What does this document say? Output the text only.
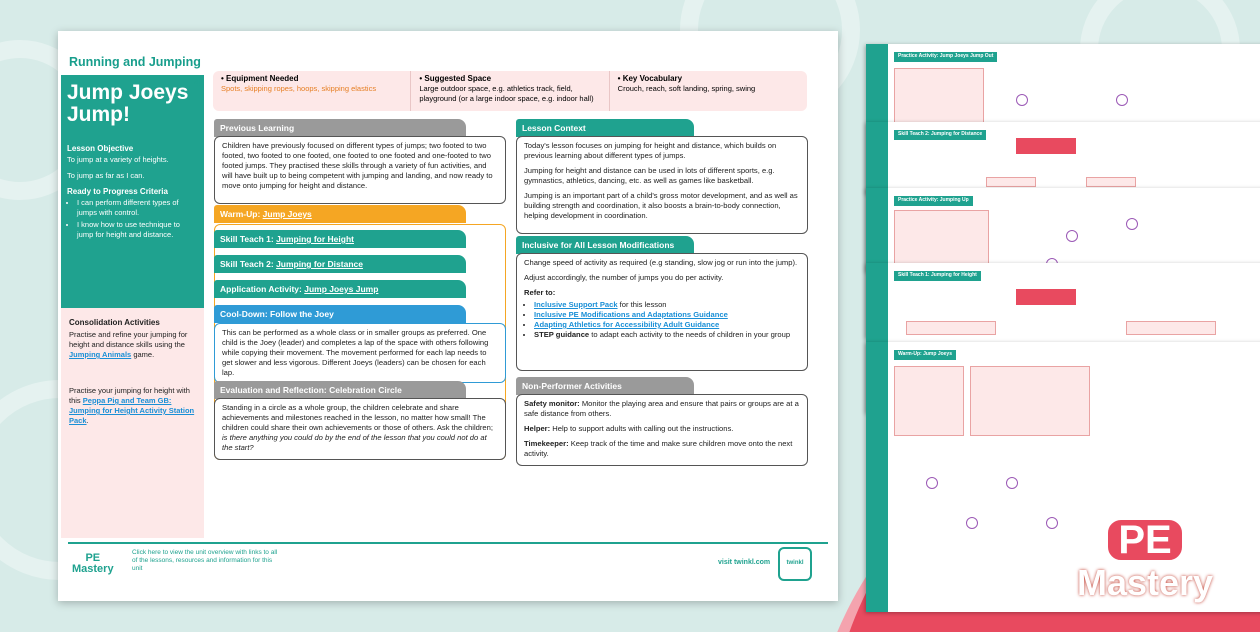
Practice Activity: Jump Joeys Jump Out
Skill Teach 2: Jumping for Distance
Practice Activity: Jumping Up
Skill Teach 1: Jumping for Height
Warm-Up: Jump Joeys
Running and Jumping
Jump Joeys Jump!
Lesson Objective

To jump at a variety of heights.

To jump as far as I can.

Ready to Progress Criteria
• I can perform different types of jumps with control.
• I know how to use technique to jump for height and distance.
4
Consolidation Activities

Practise and refine your jumping for height and distance skills using the Jumping Animals game.

Practise your jumping for height with this Peppa Pig and Team GB: Jumping for Height Activity Station Pack.

• Equipment Needed
Spots, skipping ropes, hoops, skipping elastics
• Suggested Space
Large outdoor space, e.g. athletics track, field, playground (or a large indoor space, e.g. indoor hall)
• Key Vocabulary
Crouch, reach, soft landing, spring, swing
Previous Learning
Children have previously focused on different types of jumps; two footed to two footed, two footed to one footed, one footed to one footed and one-footed to two footed jumps. They practised these skills through a variety of fun activities, and will have built up to being competent with jumping and landing, and now ready to move onto jumping for height and distance.
Warm-Up: Jump Joeys
Skill Teach 1: Jumping for Height
Skill Teach 2: Jumping for Distance
Application Activity: Jump Joeys Jump
Cool-Down: Follow the Joey
This can be performed as a whole class or in smaller groups as preferred. One child is the Joey (leader) and completes a lap of the space with others following while copying their movement. The movement performed for each lap needs to get slower and less vigorous. Different Joeys (leaders) can be chosen for each lap.
Evaluation and Reflection: Celebration Circle
Standing in a circle as a whole group, the children celebrate and share achievements and milestones reached in the lesson, no matter how small! The children could share their own achievements or those of others. Ask the children; is there anything you could do by the end of the lesson that you could not do at the start?
Lesson Context

Today's lesson focuses on jumping for height and distance, which builds on previous learning about different types of jumps.

Jumping for height and distance can be used in lots of different sports, e.g. gymnastics, athletics, dancing, etc. as well as games like basketball.

Jumping is an important part of a child's gross motor development, and as well as building strength and coordination, it also boosts a brain-to-body connection, helping development in coordination.

Inclusive for All Lesson Modifications

Change speed of activity as required (e.g standing, slow jog or run into the jump).

Adjust accordingly, the number of jumps you do per activity.

Refer to:

• Inclusive Support Pack for this lesson
• Inclusive PE Modifications and Adaptations Guidance
• Adapting Athletics for Accessibility Adult Guidance
• STEP guidance to adapt each activity to the needs of children in your group
Non-Performer Activities

Safety monitor: Monitor the playing area and ensure that pairs or groups are at a safe distance from others.

Helper: Help to support adults with calling out the instructions.

Timekeeper: Keep track of the time and make sure children move onto the next activity.

PE
Mastery
Click here to view the unit overview with links to all of the lessons, resources and information for this unit
visit twinkl.com	twinkl
PE
Mastery
